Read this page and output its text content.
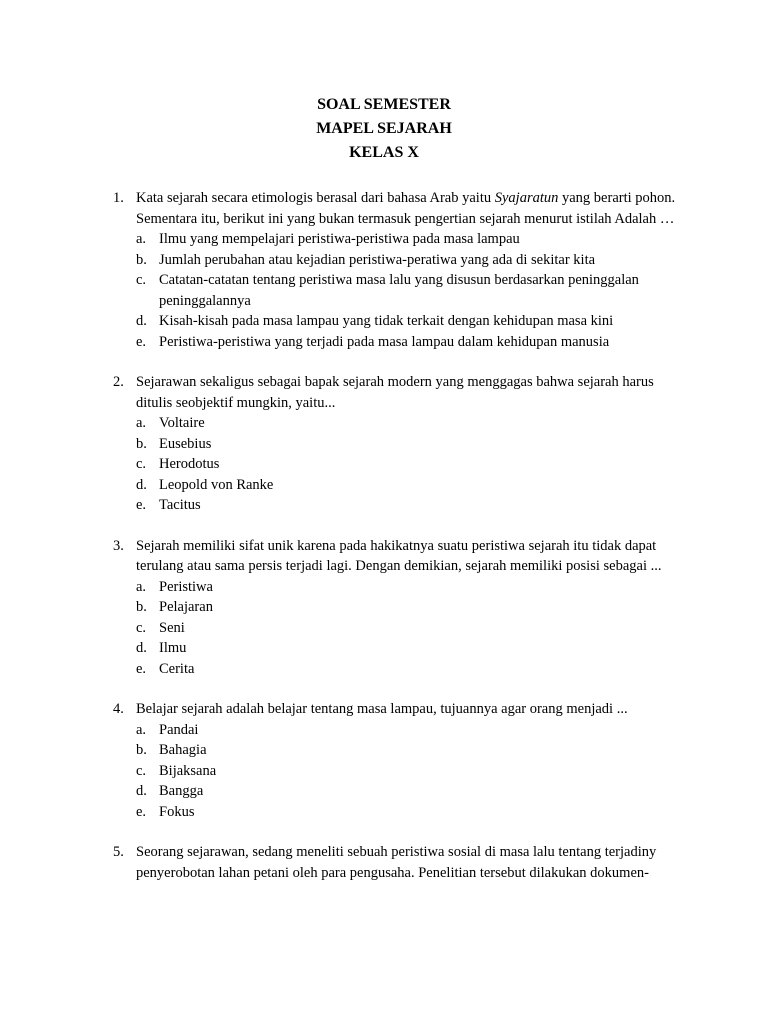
SOAL SEMESTER
MAPEL SEJARAH
KELAS X
1. Kata sejarah secara etimologis berasal dari bahasa Arab yaitu Syajaratun yang berarti pohon. Sementara itu, berikut ini yang bukan termasuk pengertian sejarah menurut istilah Adalah …
a. Ilmu yang mempelajari peristiwa-peristiwa pada masa lampau
b. Jumlah perubahan atau kejadian peristiwa-peratiwa yang ada di sekitar kita
c. Catatan-catatan tentang peristiwa masa lalu yang disusun berdasarkan peninggalan peninggalannya
d. Kisah-kisah pada masa lampau yang tidak terkait dengan kehidupan masa kini
e. Peristiwa-peristiwa yang terjadi pada masa lampau dalam kehidupan manusia
2. Sejarawan sekaligus sebagai bapak sejarah modern yang menggagas bahwa sejarah harus ditulis seobjektif mungkin, yaitu...
a. Voltaire
b. Eusebius
c. Herodotus
d. Leopold von Ranke
e. Tacitus
3. Sejarah memiliki sifat unik karena pada hakikatnya suatu peristiwa sejarah itu tidak dapat terulang atau sama persis terjadi lagi. Dengan demikian, sejarah memiliki posisi sebagai ...
a. Peristiwa
b. Pelajaran
c. Seni
d. Ilmu
e. Cerita
4. Belajar sejarah adalah belajar tentang masa lampau, tujuannya agar orang menjadi ...
a. Pandai
b. Bahagia
c. Bijaksana
d. Bangga
e. Fokus
5. Seorang sejarawan, sedang meneliti sebuah peristiwa sosial di masa lalu tentang terjadiny penyerobotan lahan petani oleh para pengusaha. Penelitian tersebut dilakukan dokumen-
